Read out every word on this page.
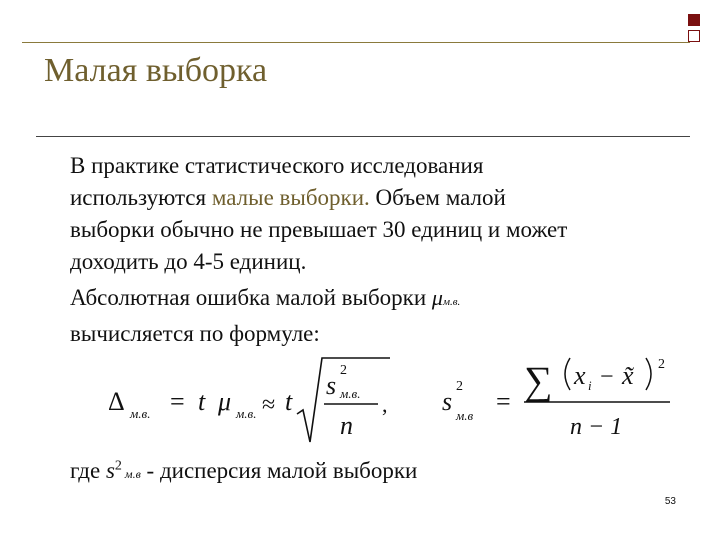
Малая выборка
В практике статистического исследования
используются малые выборки. Объем малой
выборки обычно не превышает 30 единиц и может
доходить до 4-5 единиц.
Абсолютная ошибка малой выборки μм.в.
вычисляется по формуле:
Δ м.в. = t μ м.в. ≈ t
s
2
м.в.
n
, s
2
м.в = ∑ x i − x̃ 2
n − 1
где $s^2$ м.в - дисперсия малой выборки
53
